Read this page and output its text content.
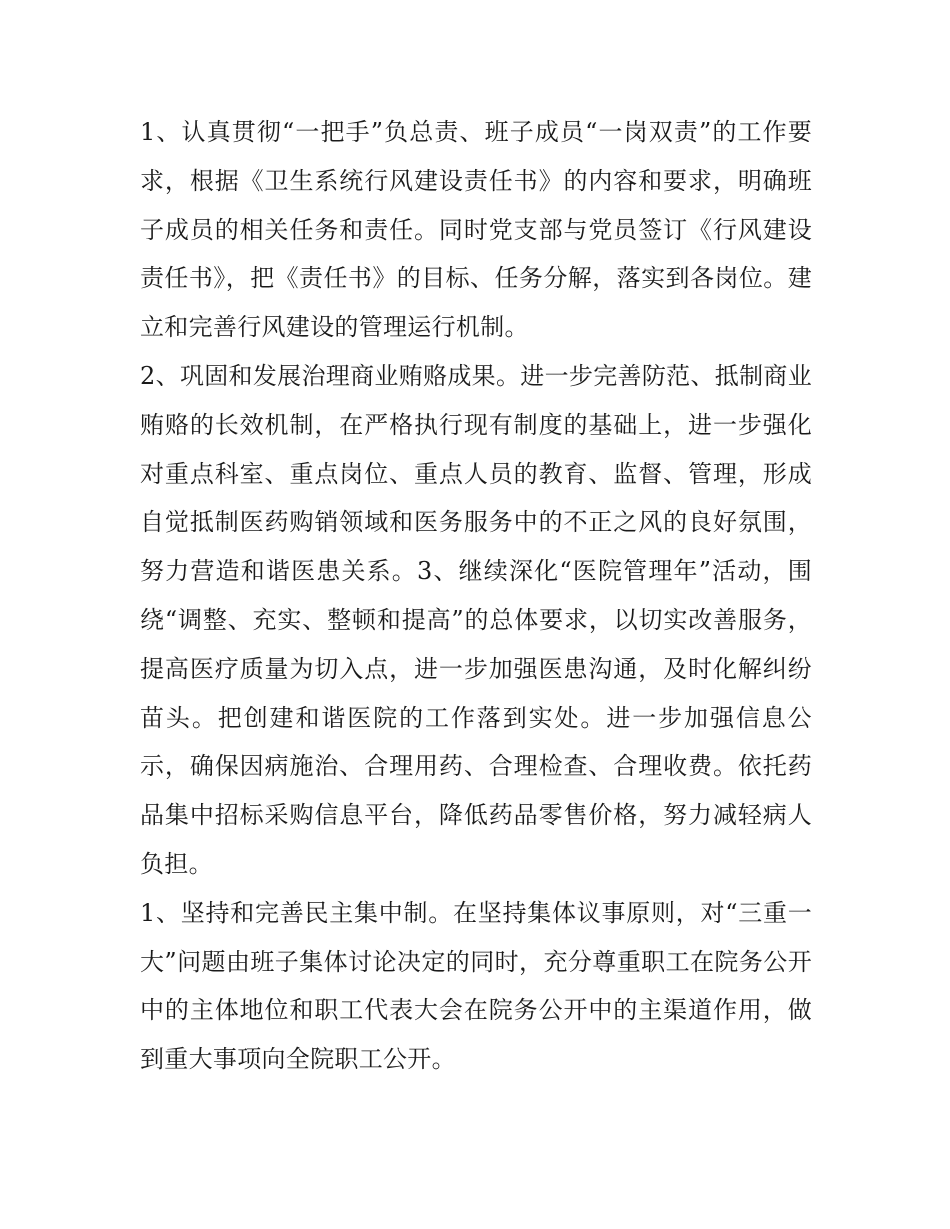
1、认真贯彻“一把手”负总责、班子成员“一岗双责”的工作要求，根据《卫生系统行风建设责任书》的内容和要求，明确班子成员的相关任务和责任。同时党支部与党员签订《行风建设责任书》，把《责任书》的目标、任务分解，落实到各岗位。建立和完善行风建设的管理运行机制。

2、巩固和发展治理商业贿赂成果。进一步完善防范、抵制商业贿赂的长效机制，在严格执行现有制度的基础上，进一步强化对重点科室、重点岗位、重点人员的教育、监督、管理，形成自觉抵制医药购销领域和医务服务中的不正之风的良好氛围，努力营造和谐医患关系。3、继续深化“医院管理年”活动，围绕“调整、充实、整顿和提高”的总体要求，以切实改善服务，提高医疗质量为切入点，进一步加强医患沟通，及时化解纠纷苗头。把创建和谐医院的工作落到实处。进一步加强信息公示，确保因病施治、合理用药、合理检查、合理收费。依托药品集中招标采购信息平台，降低药品零售价格，努力减轻病人负担。

1、坚持和完善民主集中制。在坚持集体议事原则，对“三重一大”问题由班子集体讨论决定的同时，充分尊重职工在院务公开中的主体地位和职工代表大会在院务公开中的主渠道作用，做到重大事项向全院职工公开。
